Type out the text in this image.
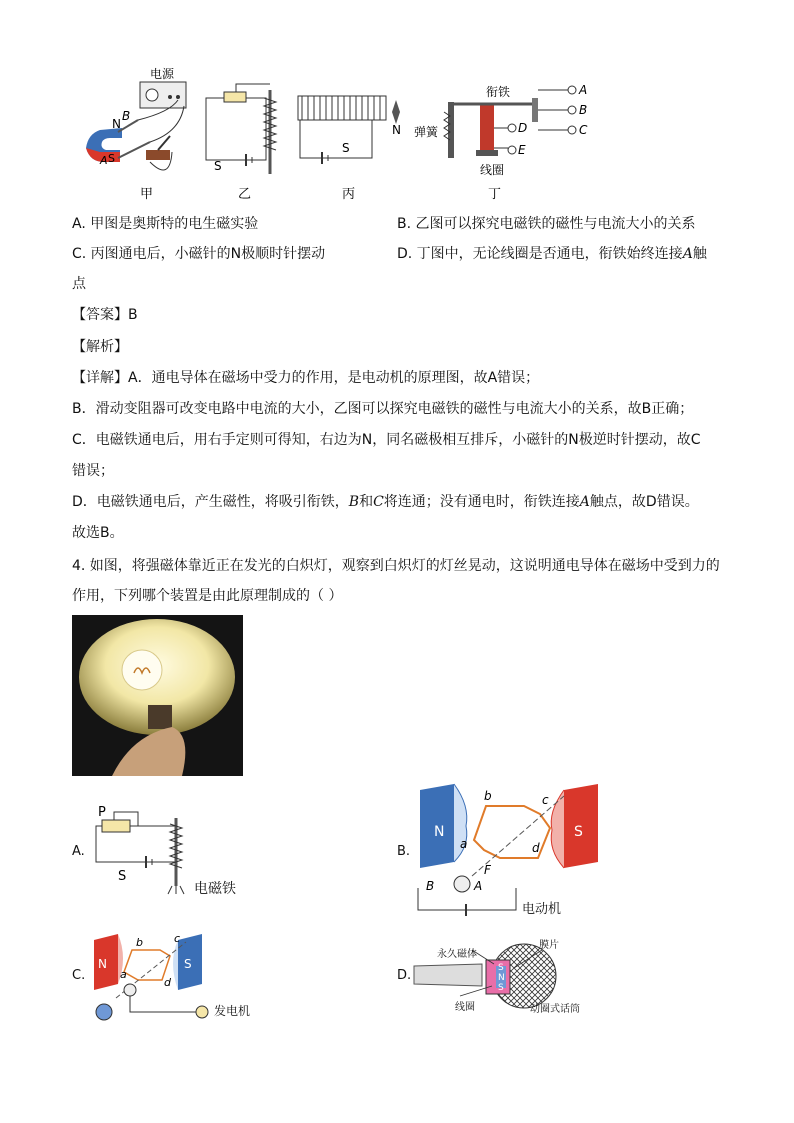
N
B
A S
电源
甲
S
乙
S
N
丙
衔铁
弹簧
线圈
A
B
C
D
E
丁
A. 甲图是奥斯特的电生磁实验	B. 乙图可以探究电磁铁的磁性与电流大小的关系
C. 丙图通电后，小磁针的N极顺时针摆动	D. 丁图中，无论线圈是否通电，衔铁始终连接A触
点
【答案】B
【解析】
【详解】A．通电导体在磁场中受力的作用，是电动机的原理图，故A错误；
B．滑动变阻器可改变电路中电流的大小，乙图可以探究电磁铁的磁性与电流大小的关系，故B正确；
C．电磁铁通电后，用右手定则可得知，右边为N，同名磁极相互排斥，小磁针的N极逆时针摆动，故C
错误；
D．电磁铁通电后，产生磁性，将吸引衔铁，B和C将连通；没有通电时，衔铁连接A触点，故D错误。
故选B。
4. 如图，将强磁体靠近正在发光的白炽灯，观察到白炽灯的灯丝晃动，这说明通电导体在磁场中受到力的
作用，下列哪个装置是由此原理制成的（ ）
A.
P
S
电磁铁
B.
N	S
a
b	c
d
F
B	A
电动机
C.
N	S
a
b	c
d
发电机
D.	S
N
S
永久磁体
膜片
线圈	动圈式话筒
